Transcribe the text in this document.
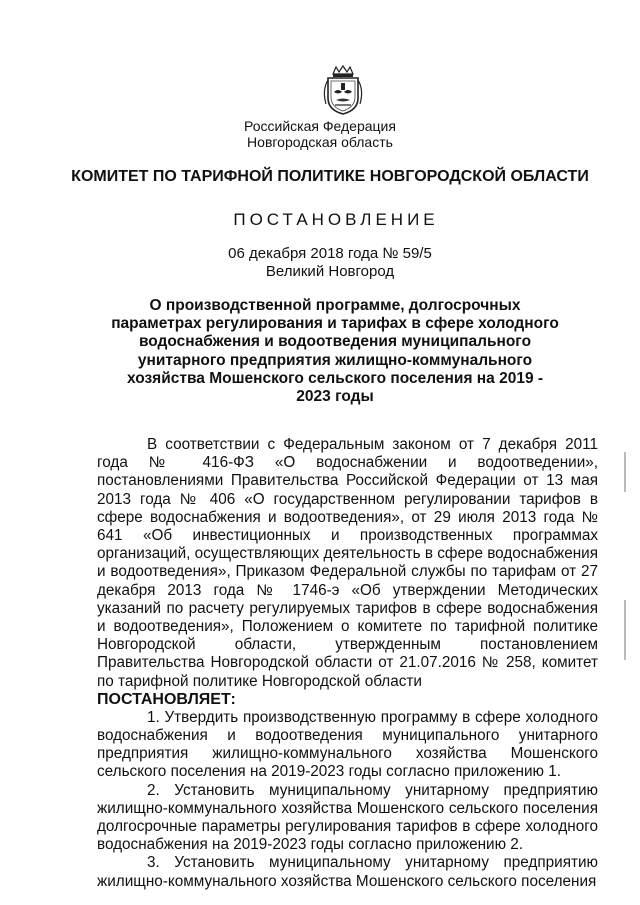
Российская Федерация
Новгородская область
КОМИТЕТ ПО ТАРИФНОЙ ПОЛИТИКЕ НОВГОРОДСКОЙ ОБЛАСТИ
ПОСТАНОВЛЕНИЕ
06 декабря 2018 года № 59/5
Великий Новгород
О производственной программе, долгосрочных параметрах регулирования и тарифах в сфере холодного водоснабжения и водоотведения муниципального унитарного предприятия жилищно-коммунального хозяйства Мошенского сельского поселения на 2019 - 2023 годы

В соответствии с Федеральным законом от 7 декабря 2011 года № 416-ФЗ «О водоснабжении и водоотведении», постановлениями Правительства Российской Федерации от 13 мая 2013 года № 406 «О государственном регулировании тарифов в сфере водоснабжения и водоотведения», от 29 июля 2013 года № 641 «Об инвестиционных и производственных программах организаций, осуществляющих деятельность в сфере водоснабжения и водоотведения», Приказом Федеральной службы по тарифам от 27 декабря 2013 года № 1746-э «Об утверждении Методических указаний по расчету регулируемых тарифов в сфере водоснабжения и водоотведения», Положением о комитете по тарифной политике Новгородской области, утвержденным постановлением Правительства Новгородской области от 21.07.2016 № 258, комитет по тарифной политике Новгородской области

ПОСТАНОВЛЯЕТ:

1. Утвердить производственную программу в сфере холодного водоснабжения и водоотведения муниципального унитарного предприятия жилищно-коммунального хозяйства Мошенского сельского поселения на 2019-2023 годы согласно приложению 1.

2. Установить муниципальному унитарному предприятию жилищно-коммунального хозяйства Мошенского сельского поселения долгосрочные параметры регулирования тарифов в сфере холодного водоснабжения на 2019-2023 годы согласно приложению 2.

3. Установить муниципальному унитарному предприятию жилищно-коммунального хозяйства Мошенского сельского поселения
